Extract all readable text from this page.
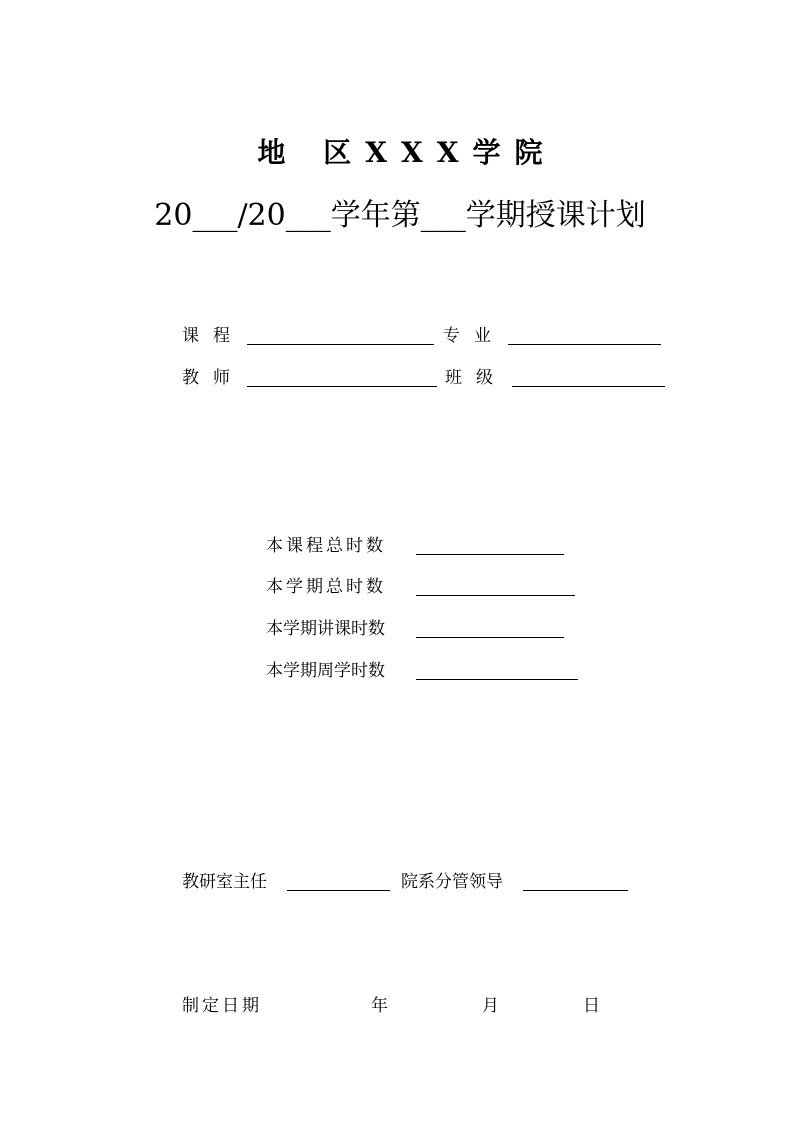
地 区XXX学院
20___/20___学年第___学期授课计划
课程	专业
教师	班级
本课程总时数
本学期总时数
本学期讲课时数
本学期周学时数
教研室主任	院系分管领导
制定日期	年	月	日
